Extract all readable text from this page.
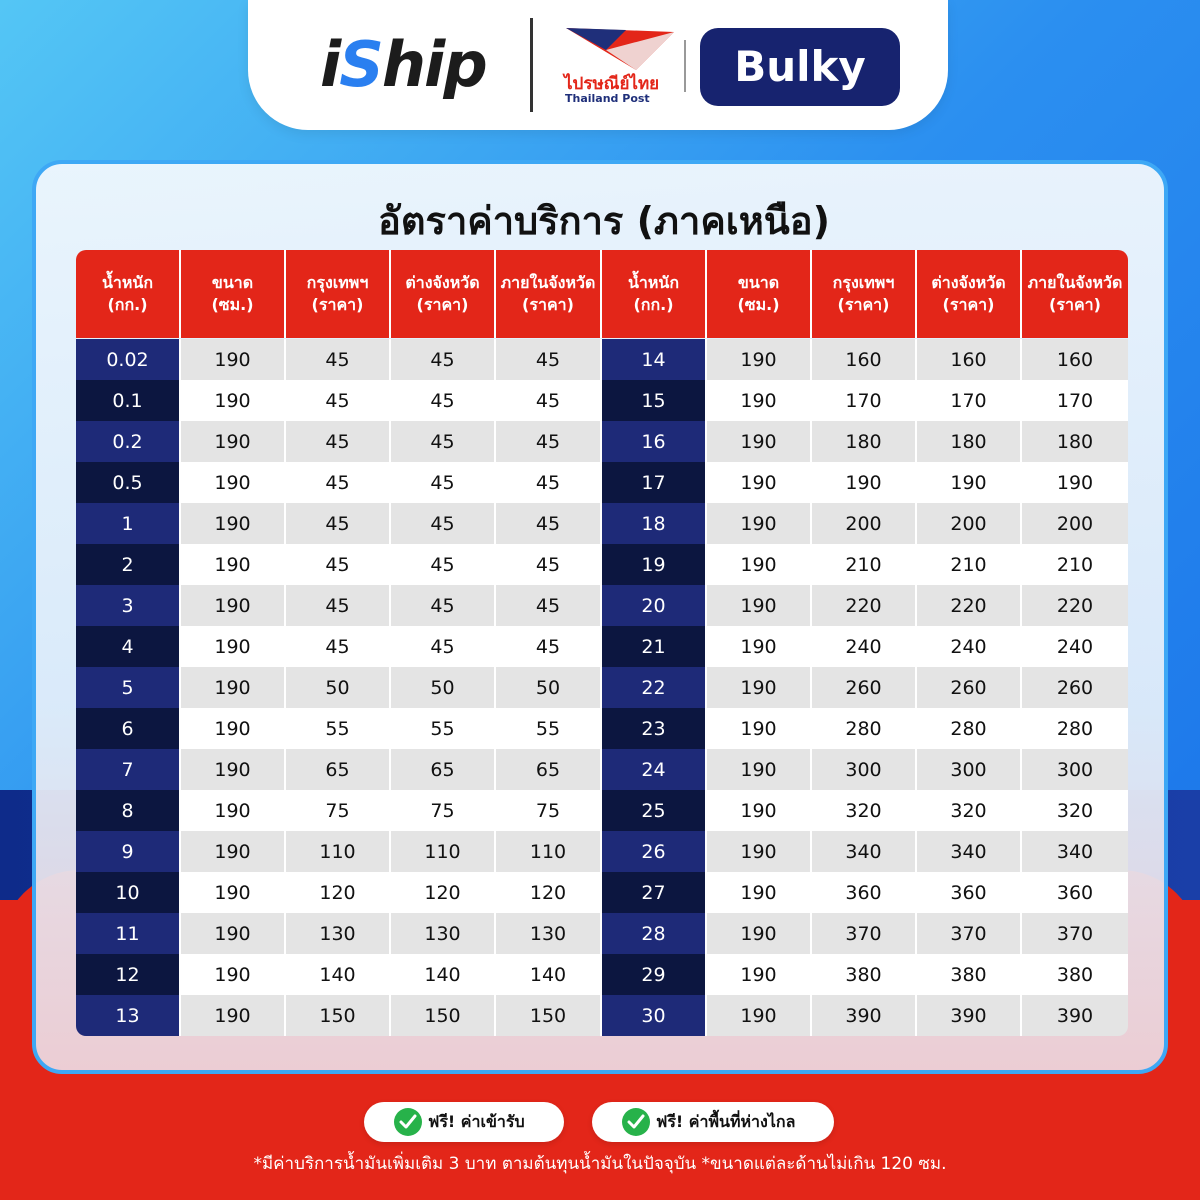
iShip	ไปรษณีย์ไทย
Thailand Post
Bulky
อัตราค่าบริการ (ภาคเหนือ)
น้ำหนัก
(กก.)	ขนาด
(ซม.)	กรุงเทพฯ
(ราคา)	ต่างจังหวัด
(ราคา)	ภายในจังหวัด
(ราคา)	น้ำหนัก
(กก.)	ขนาด
(ซม.)	กรุงเทพฯ
(ราคา)	ต่างจังหวัด
(ราคา)	ภายในจังหวัด
(ราคา)

0.02	190	45	45	45	14	190	160	160	160
0.1	190	45	45	45	15	190	170	170	170
0.2	190	45	45	45	16	190	180	180	180
0.5	190	45	45	45	17	190	190	190	190
1	190	45	45	45	18	190	200	200	200
2	190	45	45	45	19	190	210	210	210
3	190	45	45	45	20	190	220	220	220
4	190	45	45	45	21	190	240	240	240
5	190	50	50	50	22	190	260	260	260
6	190	55	55	55	23	190	280	280	280
7	190	65	65	65	24	190	300	300	300
8	190	75	75	75	25	190	320	320	320
9	190	110	110	110	26	190	340	340	340
10	190	120	120	120	27	190	360	360	360
11	190	130	130	130	28	190	370	370	370
12	190	140	140	140	29	190	380	380	380
13	190	150	150	150	30	190	390	390	390
ฟรี! ค่าเข้ารับ	ฟรี! ค่าพื้นที่ห่างไกล
*มีค่าบริการน้ำมันเพิ่มเติม 3 บาท ตามต้นทุนน้ำมันในปัจจุบัน *ขนาดแต่ละด้านไม่เกิน 120 ซม.
